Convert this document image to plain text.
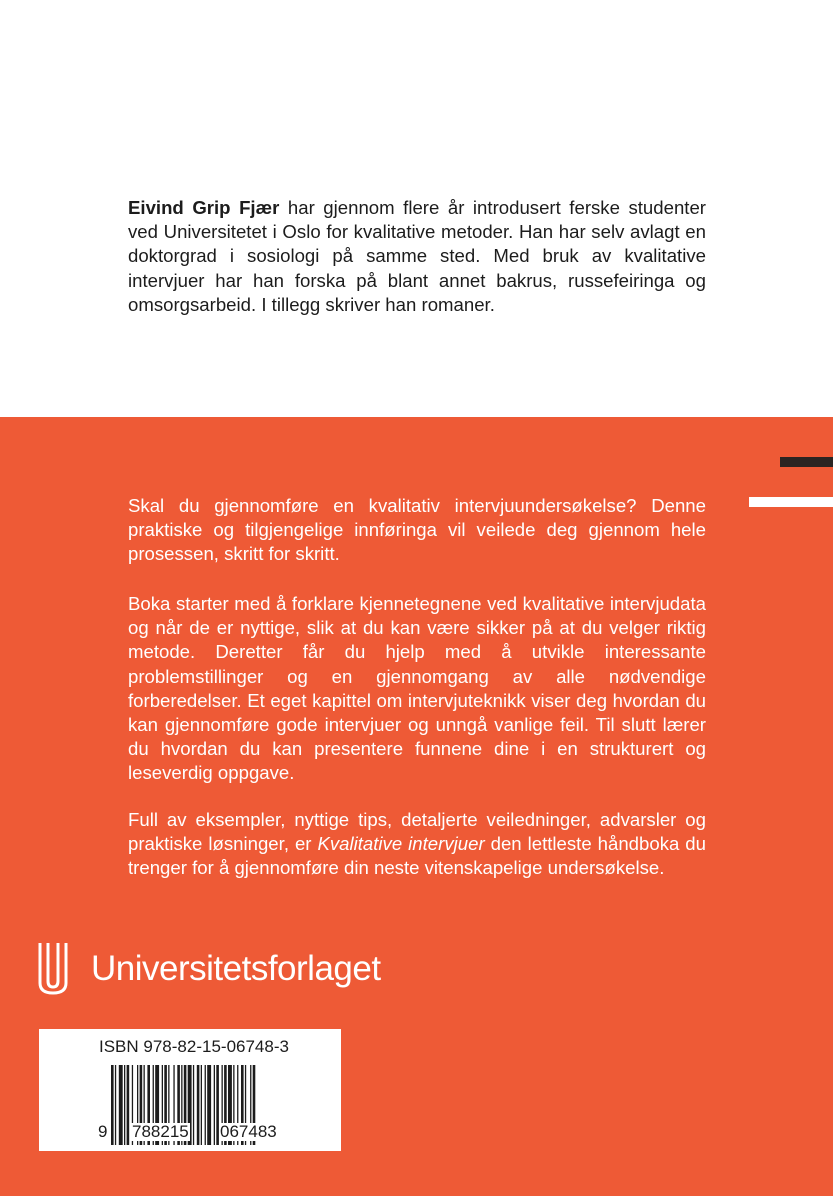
Eivind Grip Fjær har gjennom flere år introdusert ferske studenter ved Universitetet i Oslo for kvalitative metoder. Han har selv avlagt en doktorgrad i sosiologi på samme sted. Med bruk av kvalitative intervjuer har han forska på blant annet bakrus, russefeiringa og omsorgsarbeid. I tillegg skriver han romaner.

Skal du gjennomføre en kvalitativ intervjuundersøkelse? Denne praktiske og tilgjengelige innføringa vil veilede deg gjennom hele prosessen, skritt for skritt.

Boka starter med å forklare kjennetegnene ved kvalitative intervjudata og når de er nyttige, slik at du kan være sikker på at du velger riktig metode. Deretter får du hjelp med å utvikle interessante problemstillinger og en gjennomgang av alle nødvendige forberedelser. Et eget kapittel om intervjuteknikk viser deg hvordan du kan gjennomføre gode intervjuer og unngå vanlige feil. Til slutt lærer du hvordan du kan presentere funnene dine i en strukturert og leseverdig oppgave.

Full av eksempler, nyttige tips, detaljerte veiledninger, advarsler og praktiske løsninger, er Kvalitative intervjuer den lettleste håndboka du trenger for å gjennomføre din neste vitenskapelige undersøkelse.

Universitetsforlaget
ISBN 978-82-15-06748-3
9 788215 067483
